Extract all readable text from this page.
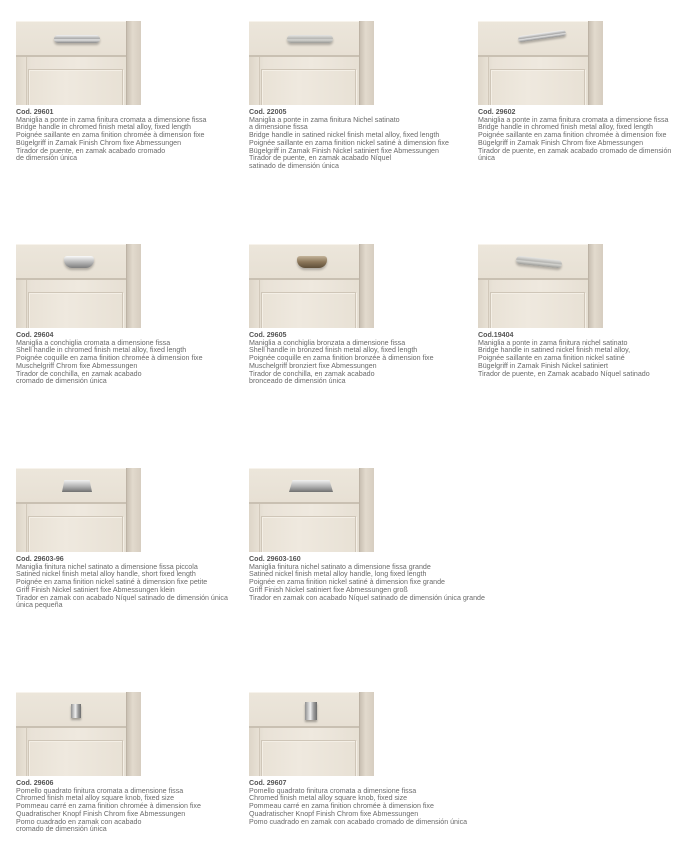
Cod. 29601
Maniglia a ponte in zama finitura cromata a dimensione fissa
Bridge handle in chromed finish metal alloy, fixed length
Poignée saillante en zama finition chromée à dimension fixe
Bügelgriff in Zamak Finish Chrom fixe Abmessungen
Tirador de puente, en zamak acabado cromado
de dimensión única
Cod. 22005
Maniglia a ponte in zama finitura Nichel satinato
a dimensione fissa
Bridge handle in satined nickel finish metal alloy, fixed length
Poignée saillante en zama finition nickel satiné à dimension fixe
Bügelgriff in Zamak Finish Nickel satiniert fixe Abmessungen
Tirador de puente, en zamak acabado Níquel
satinado de dimensión única
Cod. 29602
Maniglia a ponte in zama finitura cromata a dimensione fissa
Bridge handle in chromed finish metal alloy, fixed length
Poignée saillante en zama finition chromée à dimension fixe
Bügelgriff in Zamak Finish Chrom fixe Abmessungen
Tirador de puente, en zamak acabado cromado de dimensión
única
Cod. 29604
Maniglia a conchiglia cromata a dimensione fissa
Shell handle in chromed finish metal alloy, fixed length
Poignée coquille en zama finition chromée à dimension fixe
Muschelgriff Chrom fixe Abmessungen
Tirador de conchilla, en zamak acabado
cromado de dimensión única
Cod. 29605
Maniglia a conchiglia bronzata a dimensione fissa
Shell handle in bronzed finish metal alloy, fixed length
Poignée coquille en zama finition bronzée à dimension fixe
Muschelgriff bronziert fixe Abmessungen
Tirador de conchilla, en zamak acabado
bronceado de dimensión única
Cod.19404
Maniglia a ponte in zama finitura nichel satinato
Bridge handle in satined nickel finish metal alloy,
Poignée saillante en zama finition nickel satiné
Bügelgriff in Zamak Finish Nickel satiniert
Tirador de puente, en Zamak acabado Níquel satinado
Cod. 29603-96
Maniglia finitura nichel satinato a dimensione fissa piccola
Satined nickel finish metal alloy handle, short fixed length
Poignée en zama finition nickel satiné à dimension fixe petite
Griff Finish Nickel satiniert fixe Abmessungen klein
Tirador en zamak con acabado Níquel satinado de dimensión única
única pequeña
Cod. 29603-160
Maniglia finitura nichel satinato a dimensione fissa grande
Satined nickel finish metal alloy handle, long fixed length
Poignée en zama finition nickel satiné à dimension fixe grande
Griff Finish Nickel satiniert fixe Abmessungen groß
Tirador en zamak con acabado Níquel satinado de dimensión única grande
Cod. 29606
Pomello quadrato finitura cromata a dimensione fissa
Chromed finish metal alloy square knob, fixed size
Pommeau carré en zama finition chromée à dimension fixe
Quadratischer Knopf Finish Chrom fixe Abmessungen
Pomo cuadrado en zamak con acabado
cromado de dimensión única
Cod. 29607
Pomello quadrato finitura cromata a dimensione fissa
Chromed finish metal alloy square knob, fixed size
Pommeau carré en zama finition chromée à dimension fixe
Quadratischer Knopf Finish Chrom fixe Abmessungen
Pomo cuadrado en zamak con acabado cromado de dimensión única
